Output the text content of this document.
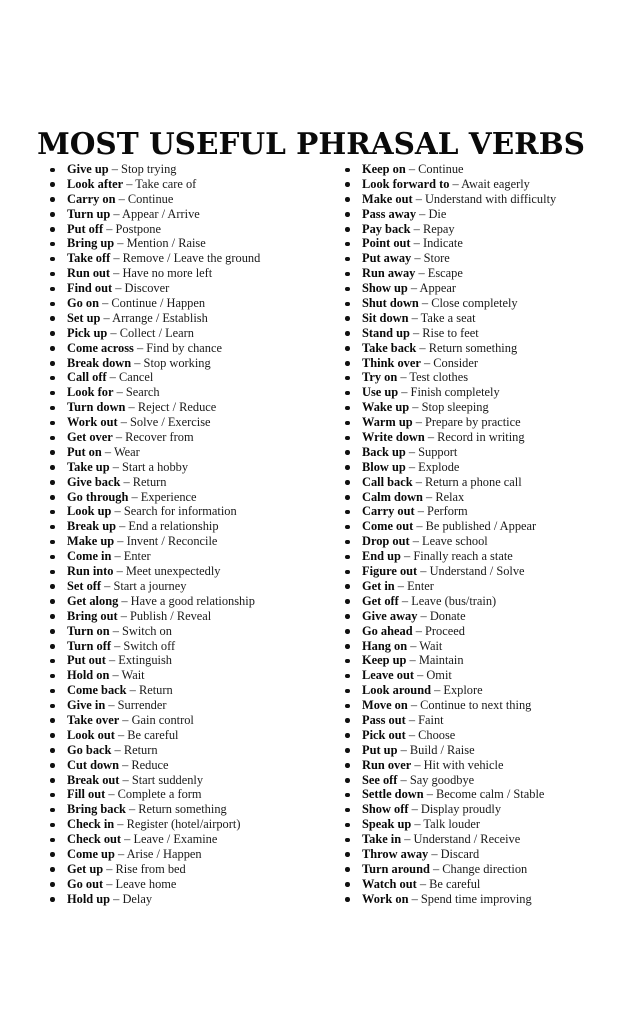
MOST USEFUL PHRASAL VERBS
Give up – Stop trying
Look after – Take care of
Carry on – Continue
Turn up – Appear / Arrive
Put off – Postpone
Bring up – Mention / Raise
Take off – Remove / Leave the ground
Run out – Have no more left
Find out – Discover
Go on – Continue / Happen
Set up – Arrange / Establish
Pick up – Collect / Learn
Come across – Find by chance
Break down – Stop working
Call off – Cancel
Look for – Search
Turn down – Reject / Reduce
Work out – Solve / Exercise
Get over – Recover from
Put on – Wear
Take up – Start a hobby
Give back – Return
Go through – Experience
Look up – Search for information
Break up – End a relationship
Make up – Invent / Reconcile
Come in – Enter
Run into – Meet unexpectedly
Set off – Start a journey
Get along – Have a good relationship
Bring out – Publish / Reveal
Turn on – Switch on
Turn off – Switch off
Put out – Extinguish
Hold on – Wait
Come back – Return
Give in – Surrender
Take over – Gain control
Look out – Be careful
Go back – Return
Cut down – Reduce
Break out – Start suddenly
Fill out – Complete a form
Bring back – Return something
Check in – Register (hotel/airport)
Check out – Leave / Examine
Come up – Arise / Happen
Get up – Rise from bed
Go out – Leave home
Hold up – Delay
Keep on – Continue
Look forward to – Await eagerly
Make out – Understand with difficulty
Pass away – Die
Pay back – Repay
Point out – Indicate
Put away – Store
Run away – Escape
Show up – Appear
Shut down – Close completely
Sit down – Take a seat
Stand up – Rise to feet
Take back – Return something
Think over – Consider
Try on – Test clothes
Use up – Finish completely
Wake up – Stop sleeping
Warm up – Prepare by practice
Write down – Record in writing
Back up – Support
Blow up – Explode
Call back – Return a phone call
Calm down – Relax
Carry out – Perform
Come out – Be published / Appear
Drop out – Leave school
End up – Finally reach a state
Figure out – Understand / Solve
Get in – Enter
Get off – Leave (bus/train)
Give away – Donate
Go ahead – Proceed
Hang on – Wait
Keep up – Maintain
Leave out – Omit
Look around – Explore
Move on – Continue to next thing
Pass out – Faint
Pick out – Choose
Put up – Build / Raise
Run over – Hit with vehicle
See off – Say goodbye
Settle down – Become calm / Stable
Show off – Display proudly
Speak up – Talk louder
Take in – Understand / Receive
Throw away – Discard
Turn around – Change direction
Watch out – Be careful
Work on – Spend time improving
